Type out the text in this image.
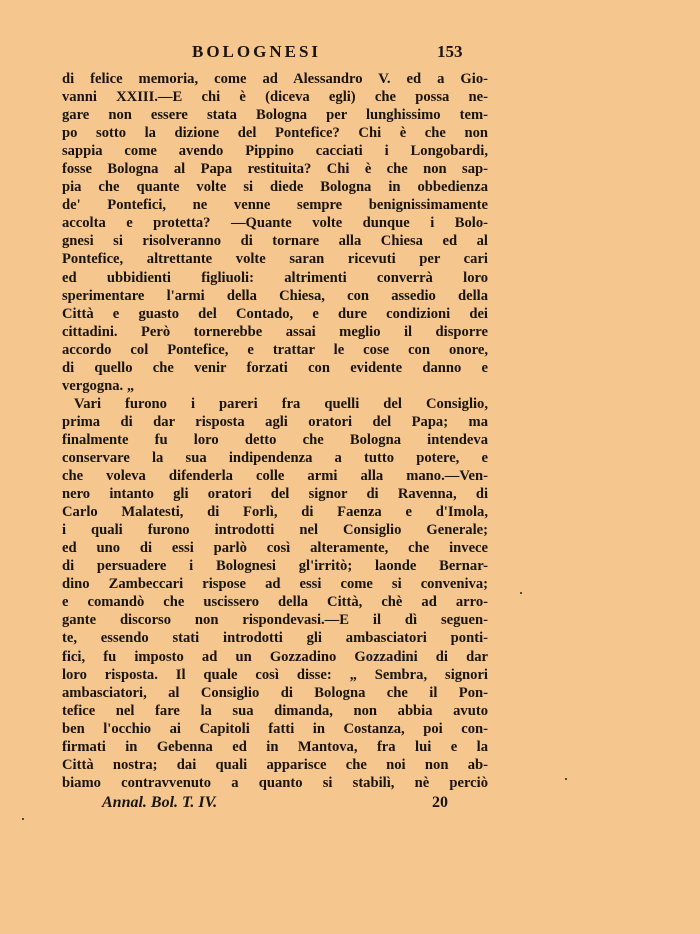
BOLOGNESI	153
di felice memoria, come ad Alessandro V. ed a Gio-
vanni XXIII.—E chi è (diceva egli) che possa ne-
gare non essere stata Bologna per lunghissimo tem-
po sotto la dizione del Pontefice? Chi è che non
sappia come avendo Pippino cacciati i Longobardi,
fosse Bologna al Papa restituita? Chi è che non sap-
pia che quante volte si diede Bologna in obbedienza
de' Pontefici, ne venne sempre benignissimamente
accolta e protetta? —Quante volte dunque i Bolo-
gnesi si risolveranno di tornare alla Chiesa ed al
Pontefice, altrettante volte saran ricevuti per cari
ed ubbidienti figliuoli: altrimenti converrà loro
sperimentare l'armi della Chiesa, con assedio della
Città e guasto del Contado, e dure condizioni dei
cittadini. Però tornerebbe assai meglio il disporre
accordo col Pontefice, e trattar le cose con onore,
di quello che venir forzati con evidente danno e
vergogna. „
Vari furono i pareri fra quelli del Consiglio,
prima di dar risposta agli oratori del Papa; ma
finalmente fu loro detto che Bologna intendeva
conservare la sua indipendenza a tutto potere, e
che voleva difenderla colle armi alla mano.—Ven-
nero intanto gli oratori del signor di Ravenna, di
Carlo Malatesti, di Forlì, di Faenza e d'Imola,
i quali furono introdotti nel Consiglio Generale;
ed uno di essi parlò così alteramente, che invece
di persuadere i Bolognesi gl'irritò; laonde Bernar-
dino Zambeccari rispose ad essi come si conveniva;
e comandò che uscissero della Città, chè ad arro-
gante discorso non rispondevasi.—E il dì seguen-
te, essendo stati introdotti gli ambasciatori ponti-
fici, fu imposto ad un Gozzadino Gozzadini di dar
loro risposta. Il quale così disse: „ Sembra, signori
ambasciatori, al Consiglio di Bologna che il Pon-
tefice nel fare la sua dimanda, non abbia avuto
ben l'occhio ai Capitoli fatti in Costanza, poi con-
firmati in Gebenna ed in Mantova, fra lui e la
Città nostra; dai quali apparisce che noi non ab-
biamo contravvenuto a quanto si stabilì, nè perciò
Annal. Bol. T. IV.	20
